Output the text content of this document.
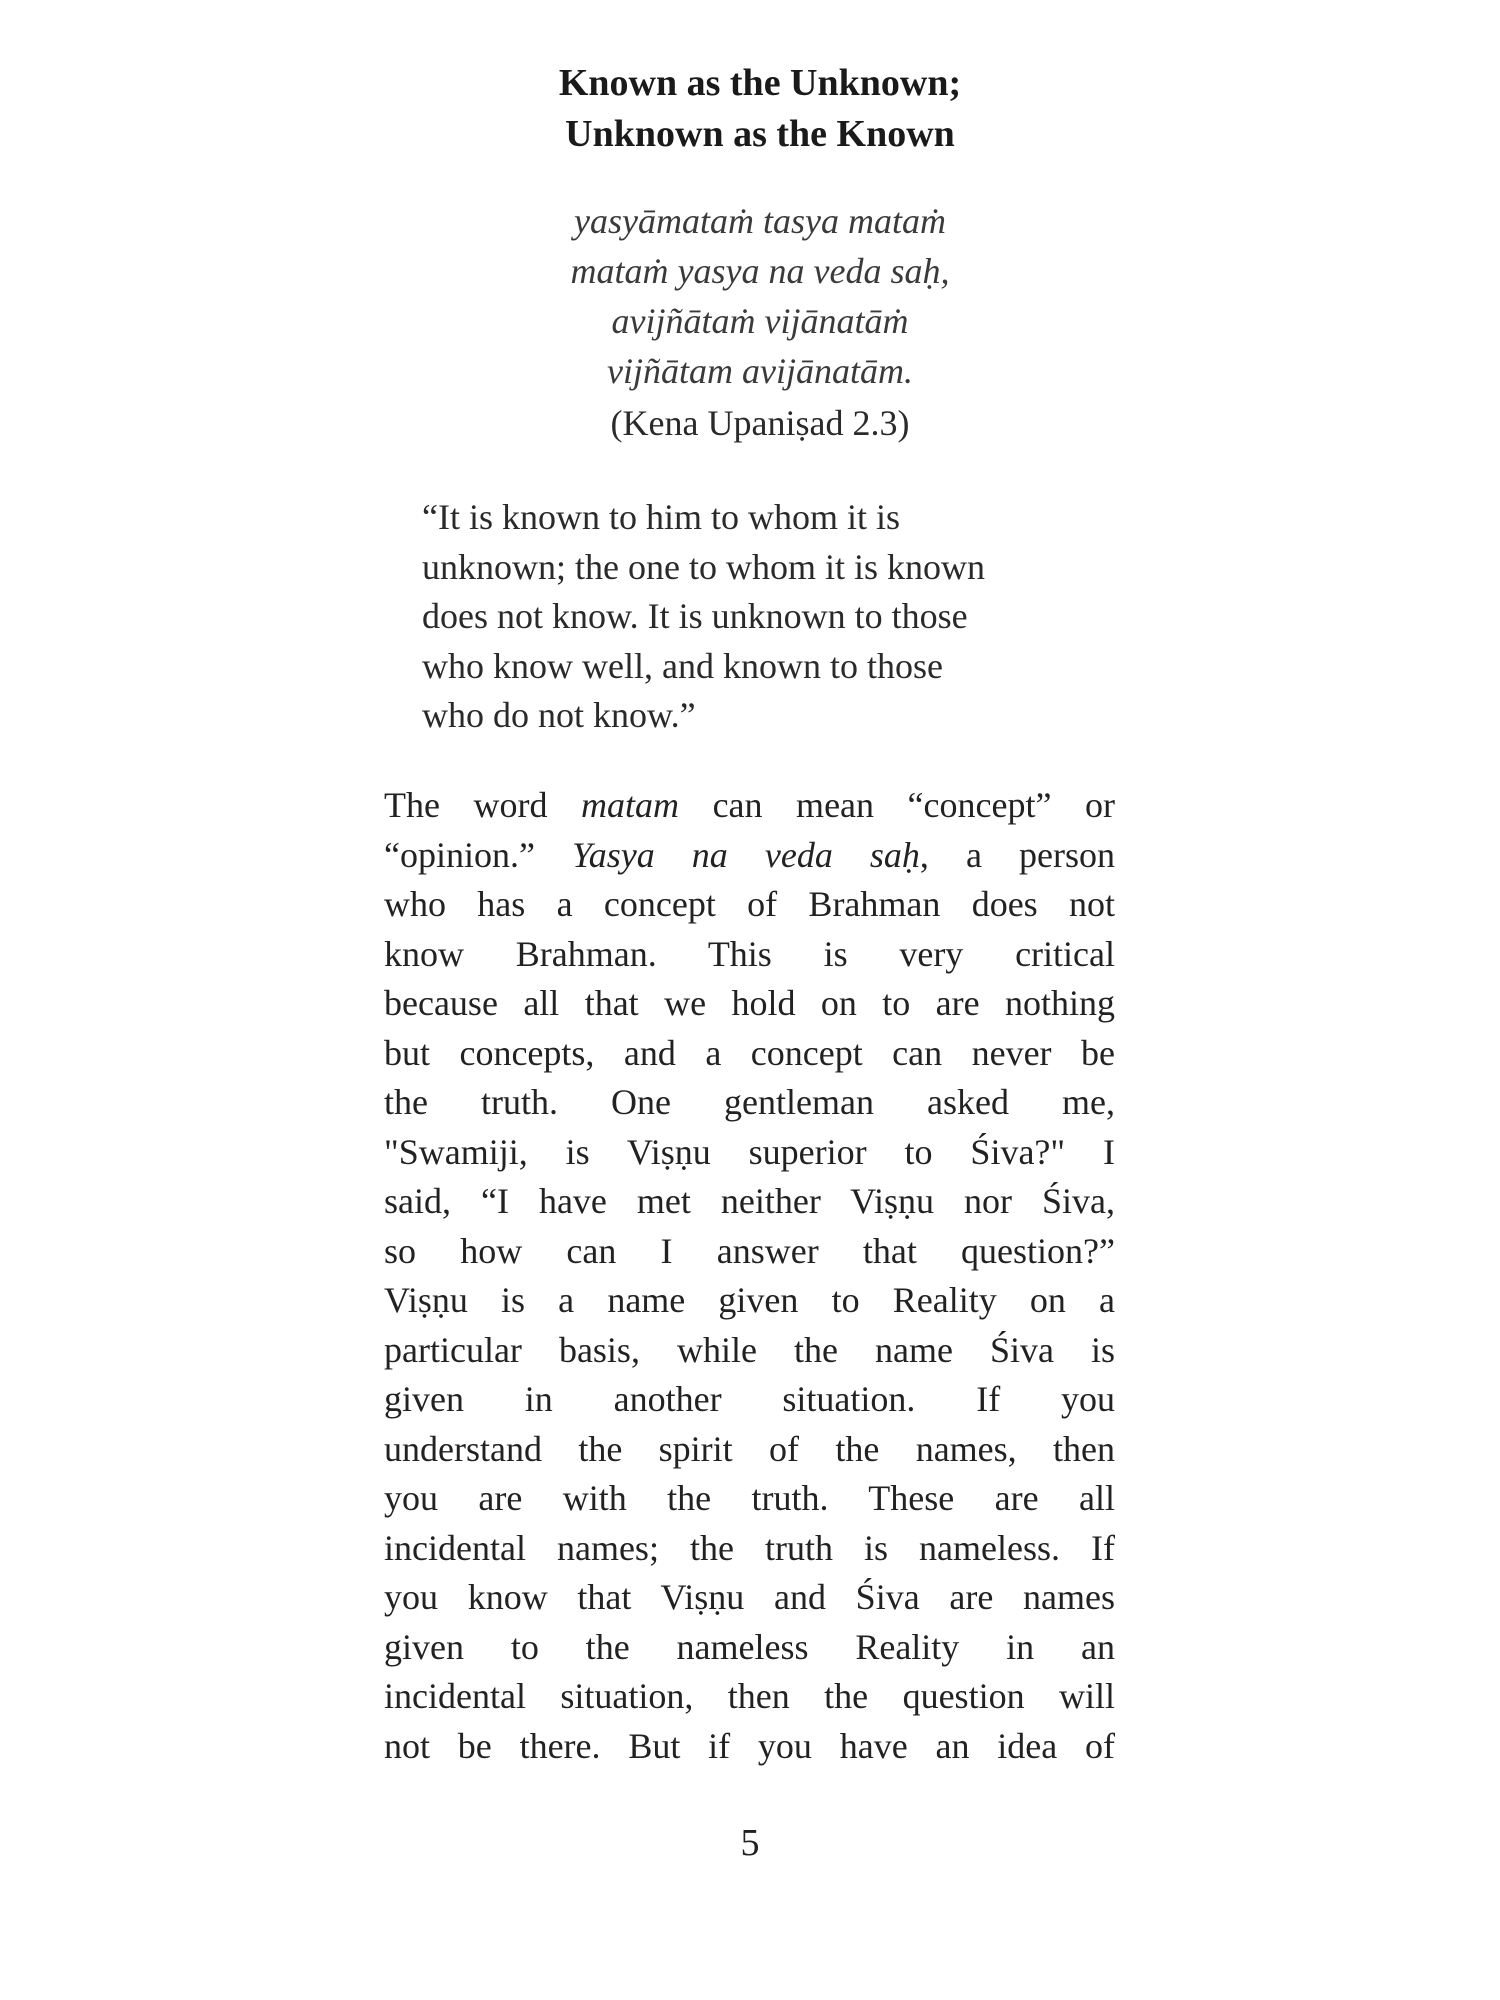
Known as the Unknown;
Unknown as the Known
yasyāmataṁ tasya mataṁ
mataṁ yasya na veda saḥ,
avijñātaṁ vijānatāṁ
vijñātam avijānatām.
(Kena Upaniṣad 2.3)
“It is known to him to whom it is
unknown; the one to whom it is known
does not know. It is unknown to those
who know well, and known to those
who do not know.”
The word matam can mean “concept” or
“opinion.” Yasya na veda saḥ, a person
who has a concept of Brahman does not
know Brahman. This is very critical
because all that we hold on to are nothing
but concepts, and a concept can never be
the truth. One gentleman asked me,
"Swamiji, is Viṣṇu superior to Śiva?" I
said, “I have met neither Viṣṇu nor Śiva,
so how can I answer that question?”
Viṣṇu is a name given to Reality on a
particular basis, while the name Śiva is
given in another situation. If you
understand the spirit of the names, then
you are with the truth. These are all
incidental names; the truth is nameless. If
you know that Viṣṇu and Śiva are names
given to the nameless Reality in an
incidental situation, then the question will
not be there. But if you have an idea of
5
